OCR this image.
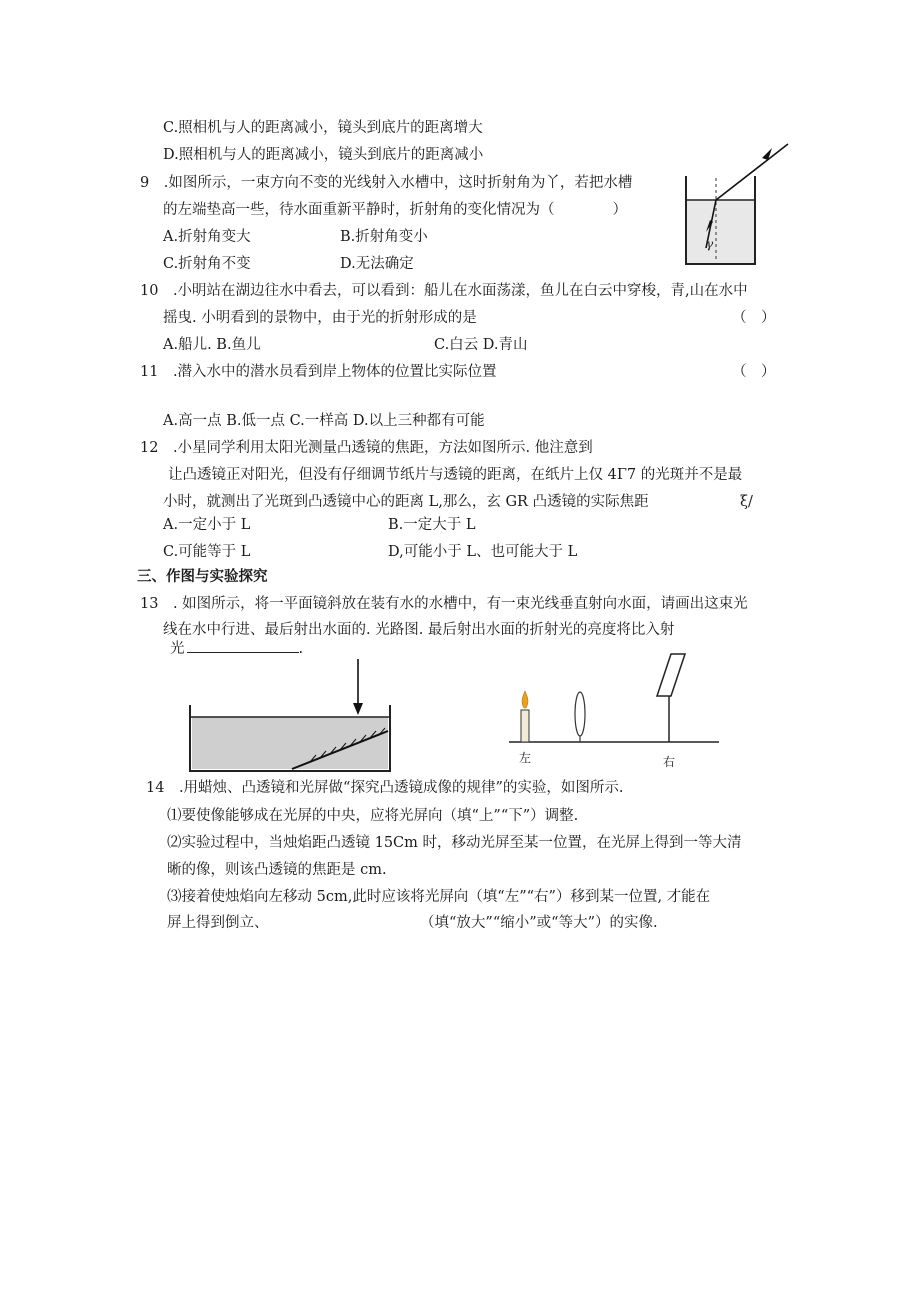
C.照相机与人的距离减小，镜头到底片的距离增大
D.照相机与人的距离减小，镜头到底片的距离减小
9　.如图所示，一束方向不变的光线射入水槽中，这时折射角为丫，若把水槽
的左端垫高一些，待水面重新平静时，折射角的变化情况为（　　　　）
A.折射角变大	B.折射角变小
C.折射角不变	D.无法确定
γ
10　.小明站在湖边往水中看去，可以看到：船儿在水面荡漾，鱼儿在白云中穿梭，青,山在水中
摇曳. 小明看到的景物中，由于光的折射形成的是	（　）
A.船儿. B.鱼儿	C.白云 D.青山
11　.潜入水中的潜水员看到岸上物体的位置比实际位置	（　）
A.高一点 B.低一点 C.一样高 D.以上三种都有可能
12　.小星同学利用太阳光测量凸透镜的焦距，方法如图所示. 他注意到
让凸透镜正对阳光，但没有仔细调节纸片与透镜的距离，在纸片上仅 4Γ7 的光斑并不是最
小时，就测出了光斑到凸透镜中心的距离 L,那么，玄 GR 凸透镜的实际焦距	ξ/
A.一定小于 L	B.一定大于 L
C.可能等于 L	D,可能小于 L、也可能大于 L
三、作图与实验探究
13　. 如图所示，将一平面镜斜放在装有水的水槽中，有一束光线垂直射向水面，请画出这束光
线在水中行进、最后射出水面的. 光路图. 最后射出水面的折射光的亮度将比入射
光	.
左	右
14　.用蜡烛、凸透镜和光屏做“探究凸透镜成像的规律”的实验，如图所示.
⑴要使像能够成在光屏的中央，应将光屏向（填“上”“下”）调整.
⑵实验过程中，当烛焰距凸透镜 15Cm 时，移动光屏至某一位置，在光屏上得到一等大清
晰的像，则该凸透镜的焦距是 cm.
⑶接着使烛焰向左移动 5cm,此时应该将光屏向（填“左”“右”）移到某一位置, 才能在
屏上得到倒立、	（填“放大”“缩小”或“等大”）的实像.
